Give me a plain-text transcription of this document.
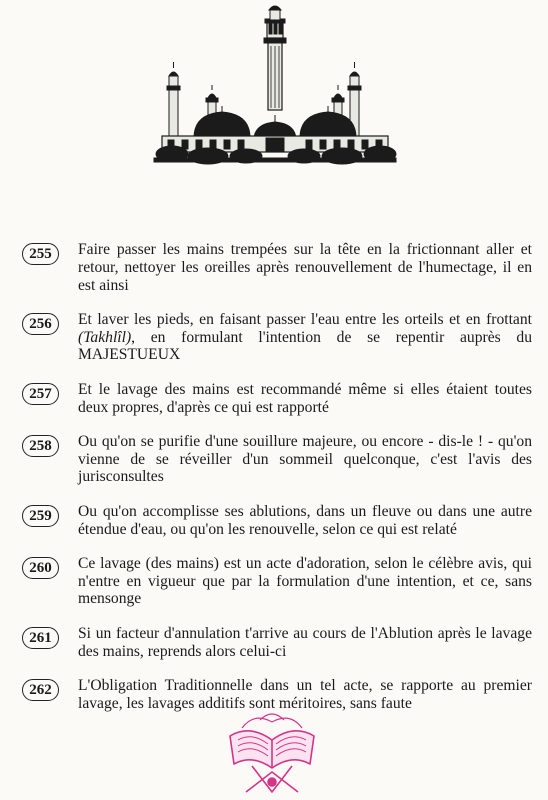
255	Faire passer les mains trempées sur la tête en la frictionnant aller et retour, nettoyer les oreilles après renouvellement de l'humectage, il en est ainsi
256	Et laver les pieds, en faisant passer l'eau entre les orteils et en frottant (Takhlîl), en formulant l'intention de se repentir auprès du MAJESTUEUX
257	Et le lavage des mains est recommandé même si elles étaient toutes deux propres, d'après ce qui est rapporté
258	Ou qu'on se purifie d'une souillure majeure, ou encore - dis-le ! - qu'on vienne de se réveiller d'un sommeil quelconque, c'est l'avis des jurisconsultes
259	Ou qu'on accomplisse ses ablutions, dans un fleuve ou dans une autre étendue d'eau, ou qu'on les renouvelle, selon ce qui est relaté
260	Ce lavage (des mains) est un acte d'adoration, selon le célèbre avis, qui n'entre en vigueur que par la formulation d'une intention, et ce, sans mensonge
261	Si un facteur d'annulation t'arrive au cours de l'Ablution après le lavage des mains, reprends alors celui-ci
262	L'Obligation Traditionnelle dans un tel acte, se rapporte au premier lavage, les lavages additifs sont méritoires, sans faute
